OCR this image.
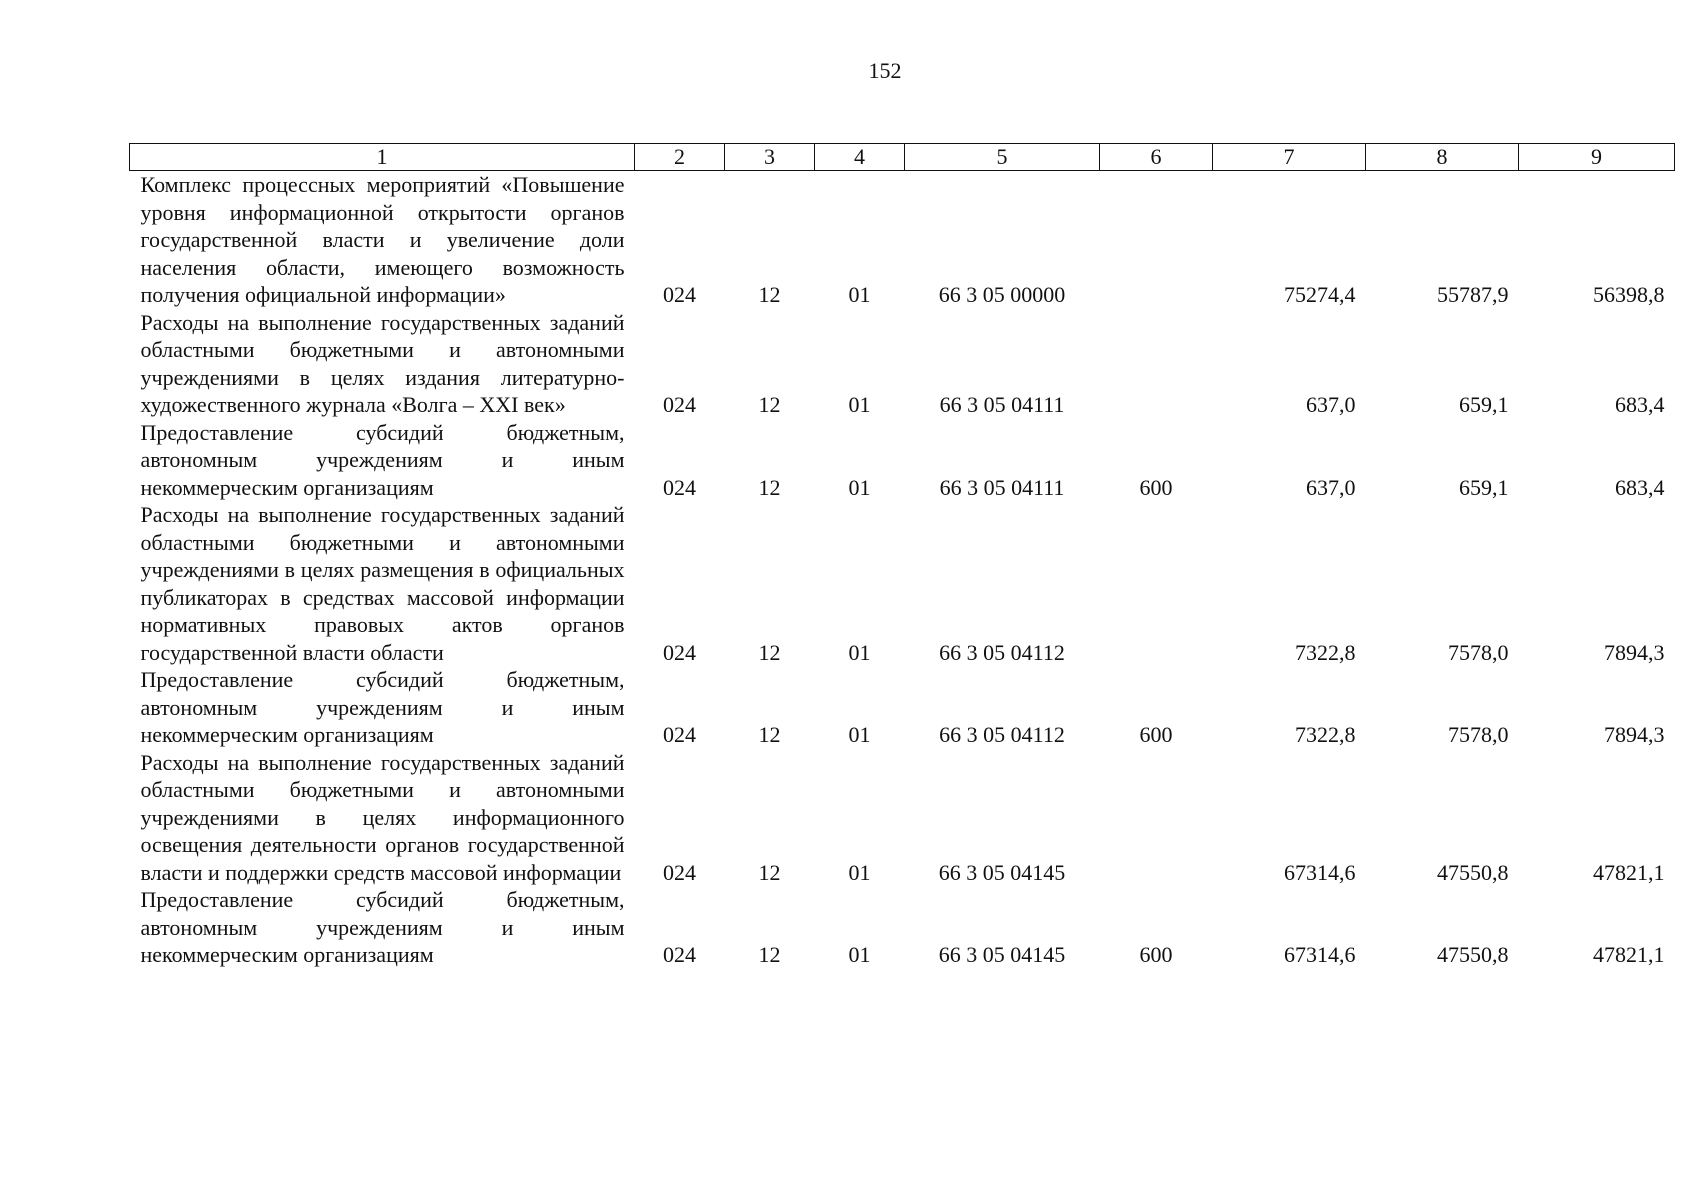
152
1	2	3	4	5	6	7	8	9
Комплекс процессных мероприятий «Повышение уровня информационной открытости органов государственной власти и увеличение доли населения области, имеющего возможность получения официальной информации»	024	12	01	66 3 05 00000		75274,4	55787,9	56398,8
Расходы на выполнение государственных заданий областными бюджетными и автономными учреждениями в целях издания литературно-художественного журнала «Волга – XXI век»	024	12	01	66 3 05 04111		637,0	659,1	683,4
Предоставление субсидий бюджетным, автономным учреждениям и иным некоммерческим организациям	024	12	01	66 3 05 04111	600	637,0	659,1	683,4
Расходы на выполнение государственных заданий областными бюджетными и автономными учреждениями в целях размещения в официальных публикаторах в средствах массовой информации нормативных правовых актов органов государственной власти области	024	12	01	66 3 05 04112		7322,8	7578,0	7894,3
Предоставление субсидий бюджетным, автономным учреждениям и иным некоммерческим организациям	024	12	01	66 3 05 04112	600	7322,8	7578,0	7894,3
Расходы на выполнение государственных заданий областными бюджетными и автономными учреждениями в целях информационного освещения деятельности органов государственной власти и поддержки средств массовой информации	024	12	01	66 3 05 04145		67314,6	47550,8	47821,1
Предоставление субсидий бюджетным, автономным учреждениям и иным некоммерческим организациям	024	12	01	66 3 05 04145	600	67314,6	47550,8	47821,1
